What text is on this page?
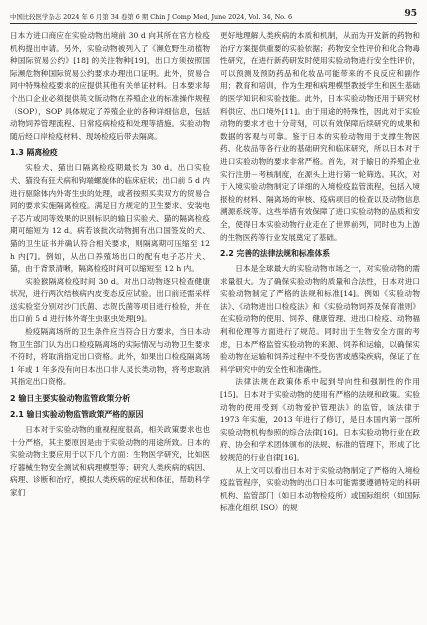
中国比较医学杂志 2024 年 6 月第 34 卷第 6 期 Chin J Comp Med, June 2024, Vol. 34, No. 6	95

日本方进口商应在实验动物出境前 30 d 向其所在官方检疫机构提出申请。另外，实验动物被列入了《濒危野生动植物种国际贸易公约》[18] 的关注物种[19]，出口方须按照国际濒危物种国际贸易公约要求办理出口证明。此外，贸易合同中特殊检疫要求的应提供其他有关单证材料。日本要求每个出口企业必须提供英文版动物在养殖企业的标准操作规程（SOP），SOP 具体规定了养殖企业的各种详细信息，包括动物饲养管理流程、日常疫病检疫和处理等措施。实验动物随后经口岸检疫材料、现场检疫后带去隔离。

1.3 隔离检疫

实验犬、猫出口隔离检疫期最长为 30 d。出口实验犬、猫没有狂犬病和钩端螺旋体的临床症状；出口前 5 d 内进行驱除体内外寄生虫的处理，或者按照买卖双方的贸易合同的要求实施隔离检疫。满足日方规定的卫生要求、安装电子芯片或同等效果的识别标识的输日实验犬、猫的隔离检疫期可缩短为 12 d。病若该批次动物拥有出口国签发的犬、猫的卫生证书并确认符合相关要求，则隔离期可压缩至 12 h 内[7]。例如，从出口养殖场出口的配有电子芯片犬、猫，由于背景清晰，隔离检疫时间可以缩短至 12 h 内。

实验猴隔离检疫时间 30 d。对出口动物逐只检查健康状况，进行两次结核病内皮变态反应试验。出口前还需采样送实验室分别对沙门氏菌、志贺氏菌等项目进行检验，并在出口前 5 d 进行体外寄生虫驱虫处理[9]。

检疫隔离场所的卫生条件应当符合日方要求，当日本动物卫生部门认为出口检疫隔离场的实际情况与动物卫生要求不符时，将取消指定出口资格。此外，如果出口检疫隔离场 1 年或 1 年多没有向日本出口非人灵长类动物，将考虑取消其指定出口资格。

2 输日主要实验动物监管政策分析
2.1 输日实验动物监管政策严格的原因

日本对于实验动物的重视程度很高，相关政策要求也也十分严格，其主要原因是由于实验动物的用途所致。日本的实验动物主要应用于以下几个方面：生物医学研究，比如医疗器械生物安全测试和病理模型等；研究人类疾病的病因、病理、诊断和治疗，模拟人类疾病的症状和体征，帮助科学家们

更好地理解人类疾病的本质和机制，从而为开发新的药物和治疗方案提供重要的实验依据；药物安全性评价和化合物毒性研究，在进行新药研发时使用实验动物进行安全性评价，可以预测及预防药品和化妆品可能带来的不良反应和副作用；教育和培训，作为生理和病理模型教授学生和医生基础的医学知识和实验技能。此外，日本实验动物还用于研究材料供应、出口境外[11]。由于用途的特殊性，因此对于实验动物的要求才也十分苛刻，可以有效保障后续研究的成果和数据的客观与可靠。鉴于日本的实验动物用于支撑生物医药、化妆品等各行业的基础研究和临床研究，所以日本对于进口实验动物的要求非常严格。首先，对于输日的养殖企业实行注册－考核制度，在源头上进行第一轮筛选。其次，对于入境实验动物制定了详细的入境检疫监管流程，包括入境报检的材料、隔离场的审核、疫病项目的检查以及动物信息溯源系统等。这些举措有效保障了进口实验动物的品质和安全，使得日本实验动物行业走在了世界前列，同时也为上游的生物医药等行业发展奠定了基础。

2.2 完善的法律法规和标准体系

日本是全球最大的实验动物市场之一，对实验动物的需求量很大。为了确保实验动物的质量和合法性，日本对进口实验动物制定了严格的法规和标准[14]。例如《实验动物法》、《动物进出口检疫法》和《实验动物饲养及保育准则》在实验动物的使用、饲养、健康管理、进出口检疫、动物福利和伦理等方面进行了规范。同时出于生物安全方面的考虑，日本严格监管实验动物的来源、饲养和运输，以确保实验动物在运输和饲养过程中不受伤害或感染疾病，保证了在科学研究中的安全性和准确性。

法律法规在政策体系中起到导向性和强制性的作用[15]。日本对于实验动物的使用有严格的法规和政策。实验动物的使用受到《动物爱护管理法》的监管，该法律于 1973 年实施，2013 年进行了修订，是日本国内第一部所实验动物机构参照的综合法律[16]。日本实验动物行业在政府、协会和学术团体颁布的法规、标准的管理下，形成了比较规范的行业自律[16]。

从上文可以看出日本对于实验动物制定了严格的入境检疫监管程序，实验动物的出口日本可能需要遵循特定的科研机构、监管部门（如日本动物检疫所）或国际组织（如国际标准化组织 ISO）的规
